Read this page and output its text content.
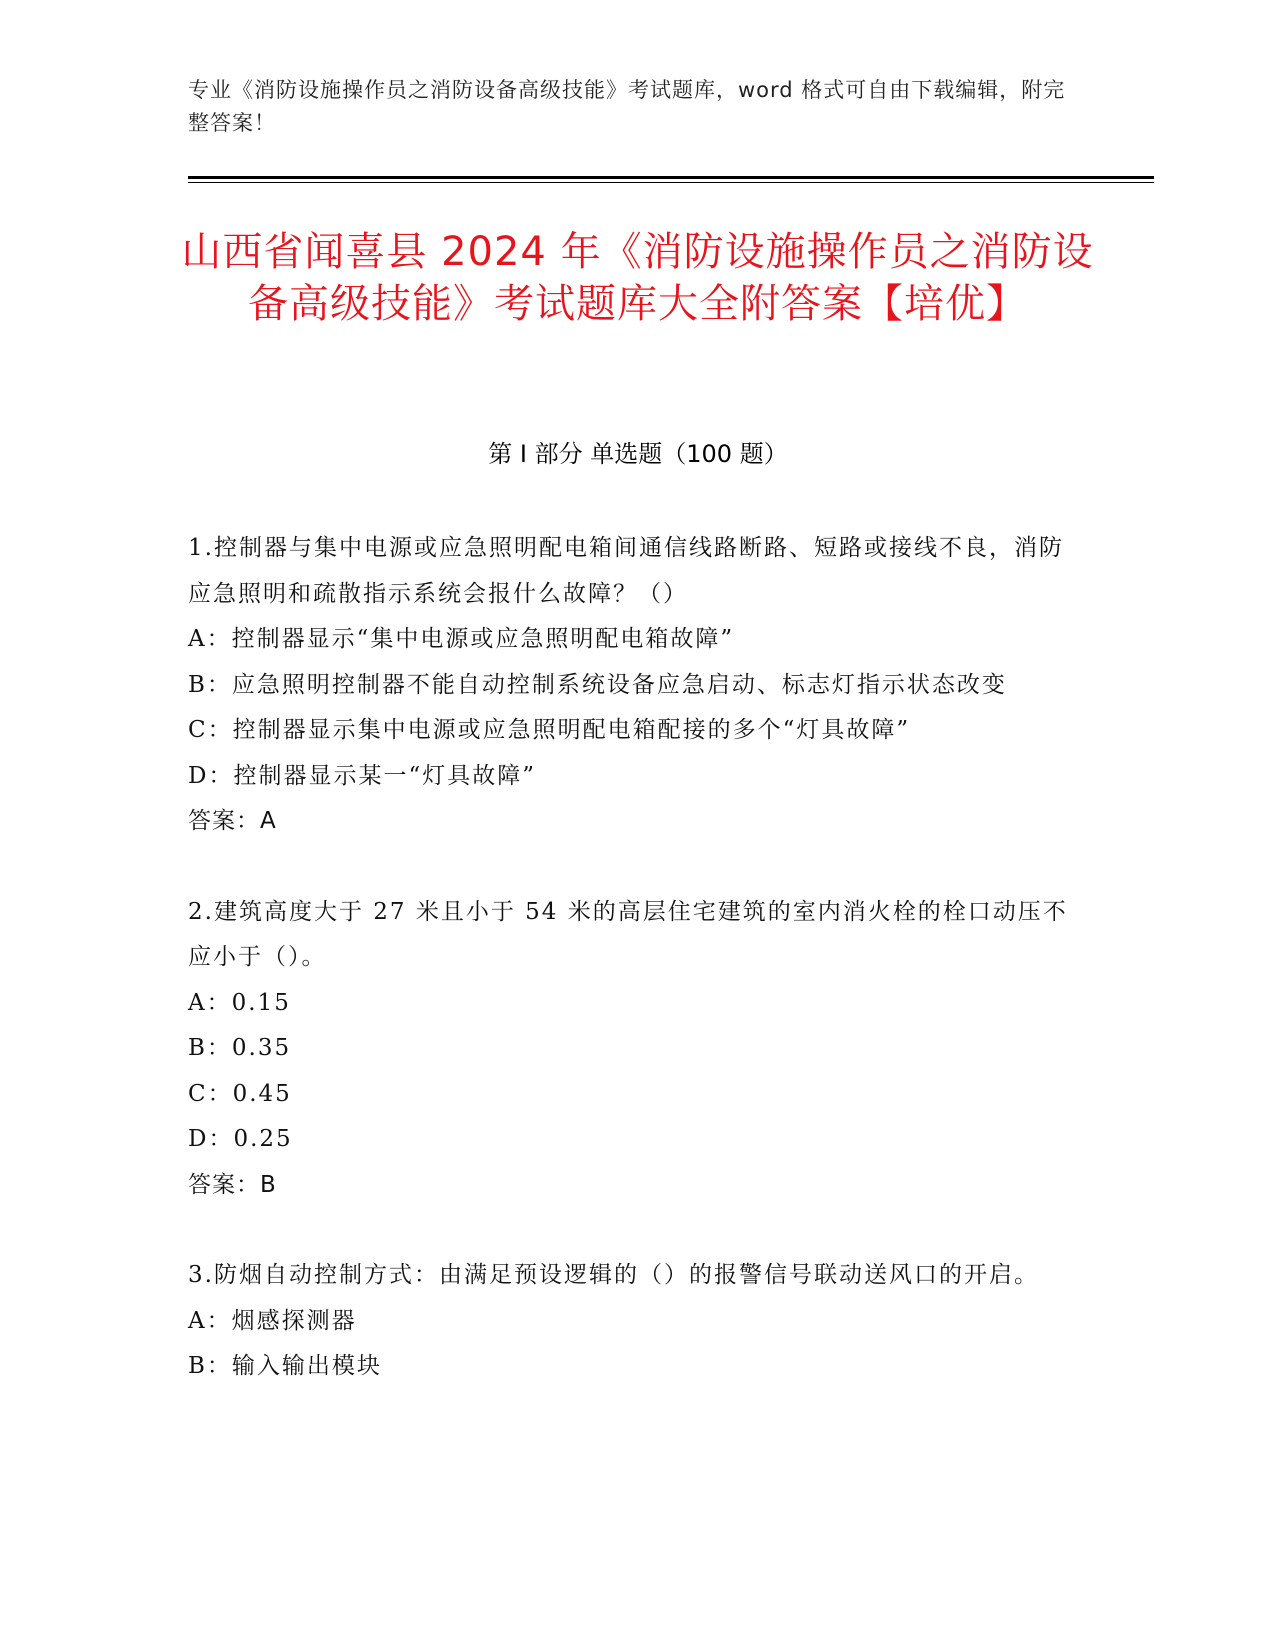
专业《消防设施操作员之消防设备高级技能》考试题库，word 格式可自由下载编辑，附完整答案！
山西省闻喜县 2024 年《消防设施操作员之消防设备高级技能》考试题库大全附答案【培优】
第 I 部分 单选题（100 题）

1.控制器与集中电源或应急照明配电箱间通信线路断路、短路或接线不良，消防应急照明和疏散指示系统会报什么故障？（）

A：控制器显示“集中电源或应急照明配电箱故障”

B：应急照明控制器不能自动控制系统设备应急启动、标志灯指示状态改变

C：控制器显示集中电源或应急照明配电箱配接的多个“灯具故障”

D：控制器显示某一“灯具故障”

答案：A

2.建筑高度大于 27 米且小于 54 米的高层住宅建筑的室内消火栓的栓口动压不应小于（）。

A：0.15

B：0.35

C：0.45

D：0.25

答案：B

3.防烟自动控制方式：由满足预设逻辑的（）的报警信号联动送风口的开启。

A：烟感探测器

B：输入输出模块
